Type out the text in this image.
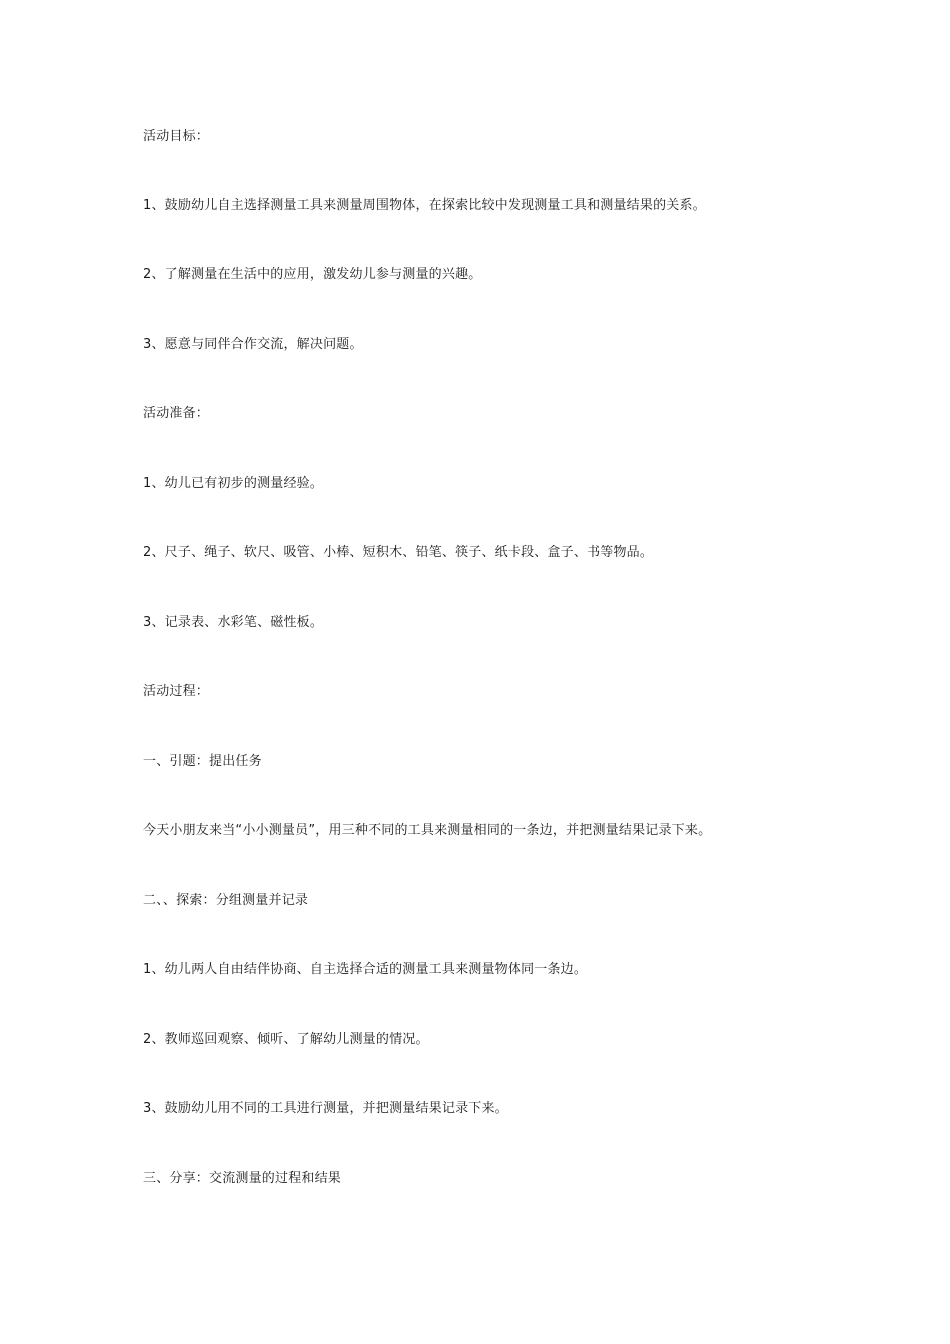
活动目标：
1、鼓励幼儿自主选择测量工具来测量周围物体，在探索比较中发现测量工具和测量结果的关系。
2、了解测量在生活中的应用，激发幼儿参与测量的兴趣。
3、愿意与同伴合作交流，解决问题。
活动准备：
1、幼儿已有初步的测量经验。
2、尺子、绳子、软尺、吸管、小棒、短积木、铅笔、筷子、纸卡段、盒子、书等物品。
3、记录表、水彩笔、磁性板。
活动过程：
一、引题：提出任务
今天小朋友来当“小小测量员”，用三种不同的工具来测量相同的一条边，并把测量结果记录下来。
二、、探索：分组测量并记录
1、幼儿两人自由结伴协商、自主选择合适的测量工具来测量物体同一条边。
2、教师巡回观察、倾听、了解幼儿测量的情况。
3、鼓励幼儿用不同的工具进行测量，并把测量结果记录下来。
三、分享：交流测量的过程和结果
